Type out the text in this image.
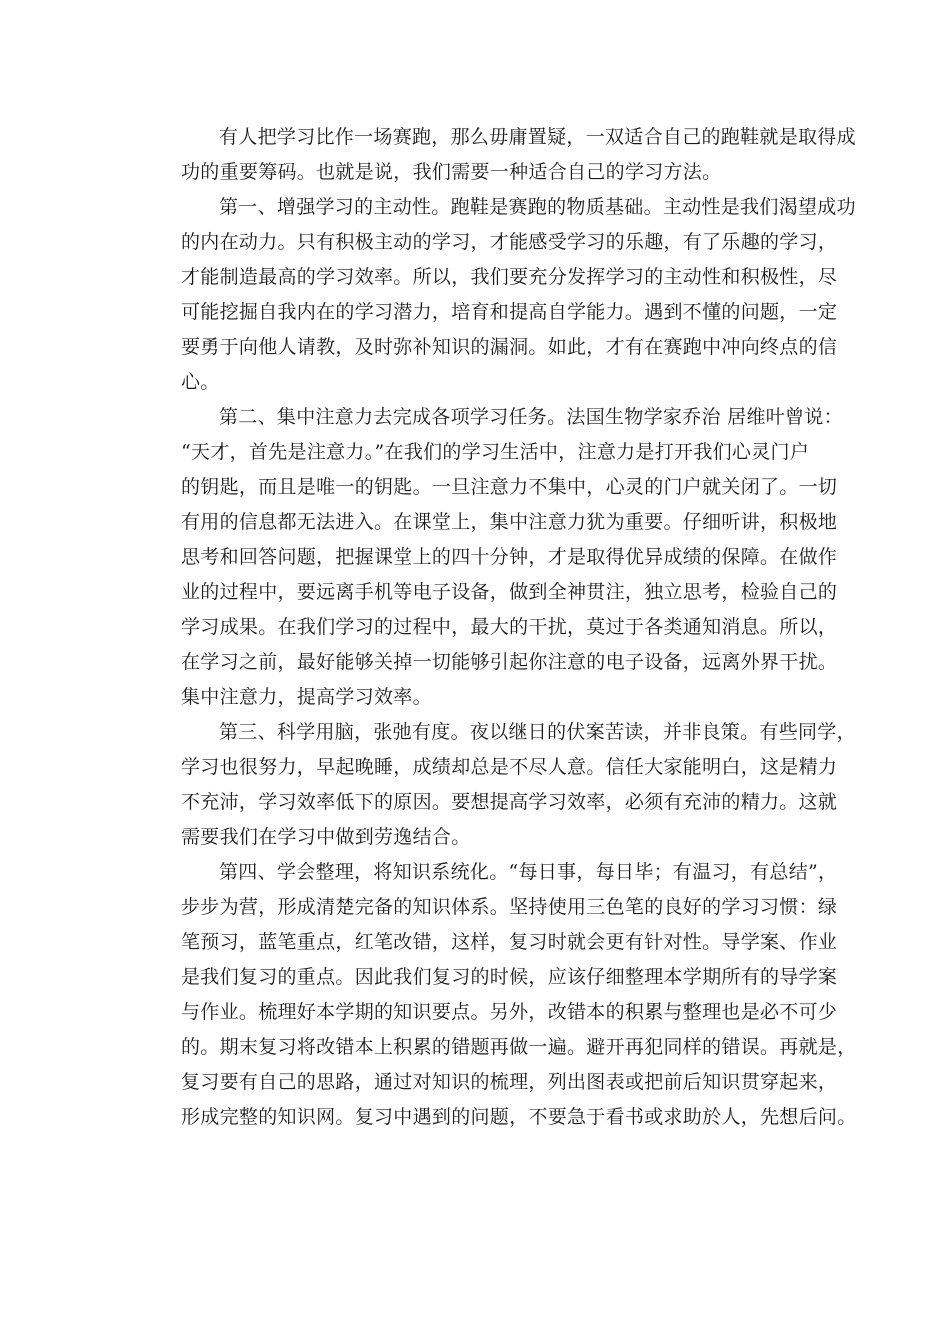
有人把学习比作一场赛跑，那么毋庸置疑，一双适合自己的跑鞋就是取得成
功的重要筹码。也就是说，我们需要一种适合自己的学习方法。
第一、增强学习的主动性。跑鞋是赛跑的物质基础。主动性是我们渴望成功
的内在动力。只有积极主动的学习，才能感受学习的乐趣，有了乐趣的学习，
才能制造最高的学习效率。所以，我们要充分发挥学习的主动性和积极性，尽
可能挖掘自我内在的学习潜力，培育和提高自学能力。遇到不懂的问题，一定
要勇于向他人请教，及时弥补知识的漏洞。如此，才有在赛跑中冲向终点的信
心。
第二、集中注意力去完成各项学习任务。法国生物学家乔治 居维叶曾说：
“天才，首先是注意力。”在我们的学习生活中，注意力是打开我们心灵门户
的钥匙，而且是唯一的钥匙。一旦注意力不集中，心灵的门户就关闭了。一切
有用的信息都无法进入。在课堂上，集中注意力犹为重要。仔细听讲，积极地
思考和回答问题，把握课堂上的四十分钟，才是取得优异成绩的保障。在做作
业的过程中，要远离手机等电子设备，做到全神贯注，独立思考，检验自己的
学习成果。在我们学习的过程中，最大的干扰，莫过于各类通知消息。所以，
在学习之前，最好能够关掉一切能够引起你注意的电子设备，远离外界干扰。
集中注意力，提高学习效率。
第三、科学用脑，张弛有度。夜以继日的伏案苦读，并非良策。有些同学，
学习也很努力，早起晚睡，成绩却总是不尽人意。信任大家能明白，这是精力
不充沛，学习效率低下的原因。要想提高学习效率，必须有充沛的精力。这就
需要我们在学习中做到劳逸结合。
第四、学会整理，将知识系统化。“每日事，每日毕；有温习，有总结”，
步步为营，形成清楚完备的知识体系。坚持使用三色笔的良好的学习习惯：绿
笔预习，蓝笔重点，红笔改错，这样，复习时就会更有针对性。导学案、作业
是我们复习的重点。因此我们复习的时候，应该仔细整理本学期所有的导学案
与作业。梳理好本学期的知识要点。另外，改错本的积累与整理也是必不可少
的。期末复习将改错本上积累的错题再做一遍。避开再犯同样的错误。再就是，
复习要有自己的思路，通过对知识的梳理，列出图表或把前后知识贯穿起来，
形成完整的知识网。复习中遇到的问题，不要急于看书或求助於人，先想后问。
